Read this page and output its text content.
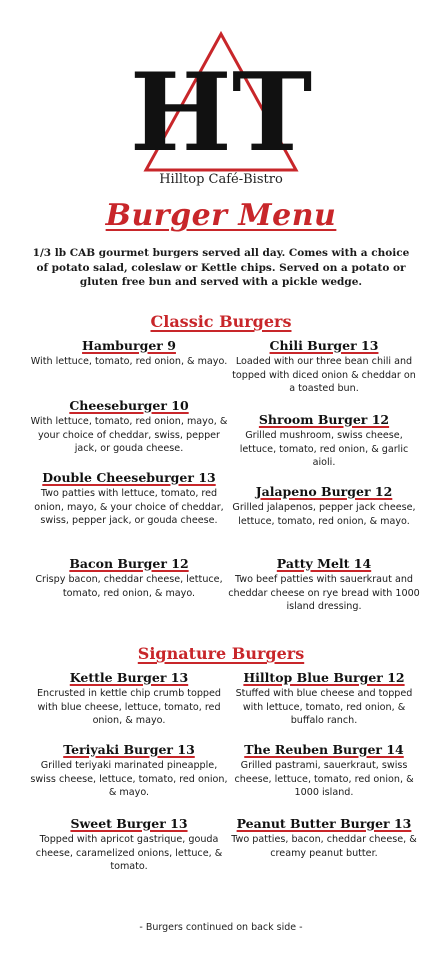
HT
Hilltop Café-Bistro
Burger Menu
1/3 lb CAB gourmet burgers served all day. Comes with a choice of potato salad, coleslaw or Kettle chips. Served on a potato or gluten free bun and served with a pickle wedge.
Classic Burgers
Hamburger 9
With lettuce, tomato, red onion, & mayo.
Chili Burger 13
Loaded with our three bean chili and topped with diced onion & cheddar on a toasted bun.
Cheeseburger 10
With lettuce, tomato, red onion, mayo, & your choice of cheddar, swiss, pepper jack, or gouda cheese.
Shroom Burger 12
Grilled mushroom, swiss cheese, lettuce, tomato, red onion, & garlic aioli.
Double Cheeseburger 13
Two patties with lettuce, tomato, red onion, mayo, & your choice of cheddar, swiss, pepper jack, or gouda cheese.
Jalapeno Burger 12
Grilled jalapenos, pepper jack cheese, lettuce, tomato, red onion, & mayo.
Bacon Burger 12
Crispy bacon, cheddar cheese, lettuce, tomato, red onion, & mayo.
Patty Melt 14
Two beef patties with sauerkraut and cheddar cheese on rye bread with 1000 island dressing.
Signature Burgers
Kettle Burger 13
Encrusted in kettle chip crumb topped with blue cheese, lettuce, tomato, red onion, & mayo.
Hilltop Blue Burger 12
Stuffed with blue cheese and topped with lettuce, tomato, red onion, & buffalo ranch.
Teriyaki Burger 13
Grilled teriyaki marinated pineapple, swiss cheese, lettuce, tomato, red onion, & mayo.
The Reuben Burger 14
Grilled pastrami, sauerkraut, swiss cheese, lettuce, tomato, red onion, & 1000 island.
Sweet Burger 13
Topped with apricot gastrique, gouda cheese, caramelized onions, lettuce, & tomato.
Peanut Butter Burger 13
Two patties, bacon, cheddar cheese, & creamy peanut butter.
- Burgers continued on back side -
